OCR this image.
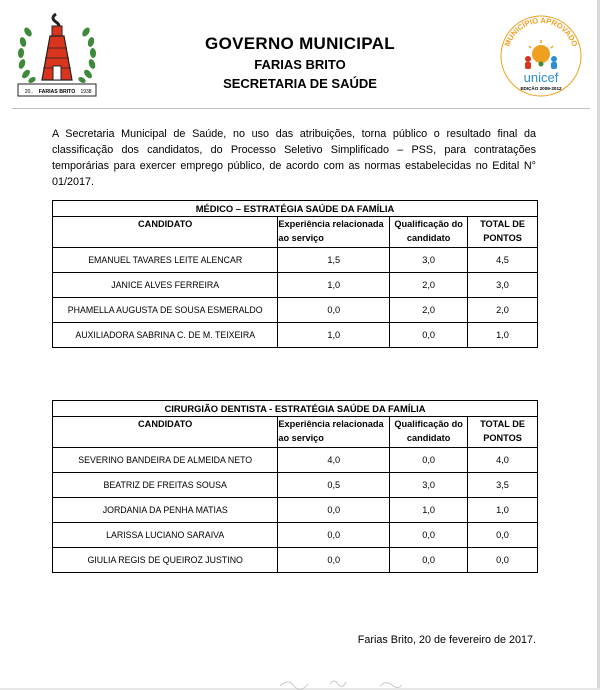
20.. FARIAS BRITO 1938
GOVERNO MUNICIPAL
FARIAS BRITO
SECRETARIA DE SAÚDE
MUNICÍPIO APROVADO
unicef
EDIÇÃO 2009-2012

A Secretaria Municipal de Saúde, no uso das atribuições, torna público o resultado final da classificação dos candidatos, do Processo Seletivo Simplificado – PSS, para contratações temporárias para exercer emprego público, de acordo com as normas estabelecidas no Edital N° 01/2017.

MÉDICO – ESTRATÉGIA SAÚDE DA FAMÍLIA			
CANDIDATO	Experiência relacionada ao serviço	Qualificação do candidato	TOTAL DE PONTOS
EMANUEL TAVARES LEITE ALENCAR	1,5	3,0	4,5
JANICE ALVES FERREIRA	1,0	2,0	3,0
PHAMELLA AUGUSTA DE SOUSA ESMERALDO	0,0	2,0	2,0
AUXILIADORA SABRINA C. DE M. TEIXEIRA	1,0	0,0	1,0
CIRURGIÃO DENTISTA - ESTRATÉGIA SAÚDE DA FAMÍLIA			
CANDIDATO	Experiência relacionada ao serviço	Qualificação do candidato	TOTAL DE PONTOS
SEVERINO BANDEIRA DE ALMEIDA NETO	4,0	0,0	4,0
BEATRIZ DE FREITAS SOUSA	0,5	3,0	3,5
JORDANIA DA PENHA MATIAS	0,0	1,0	1,0
LARISSA LUCIANO SARAIVA	0,0	0,0	0,0
GIULIA REGIS DE QUEIROZ JUSTINO	0,0	0,0	0,0
Farias Brito, 20 de fevereiro de 2017.
